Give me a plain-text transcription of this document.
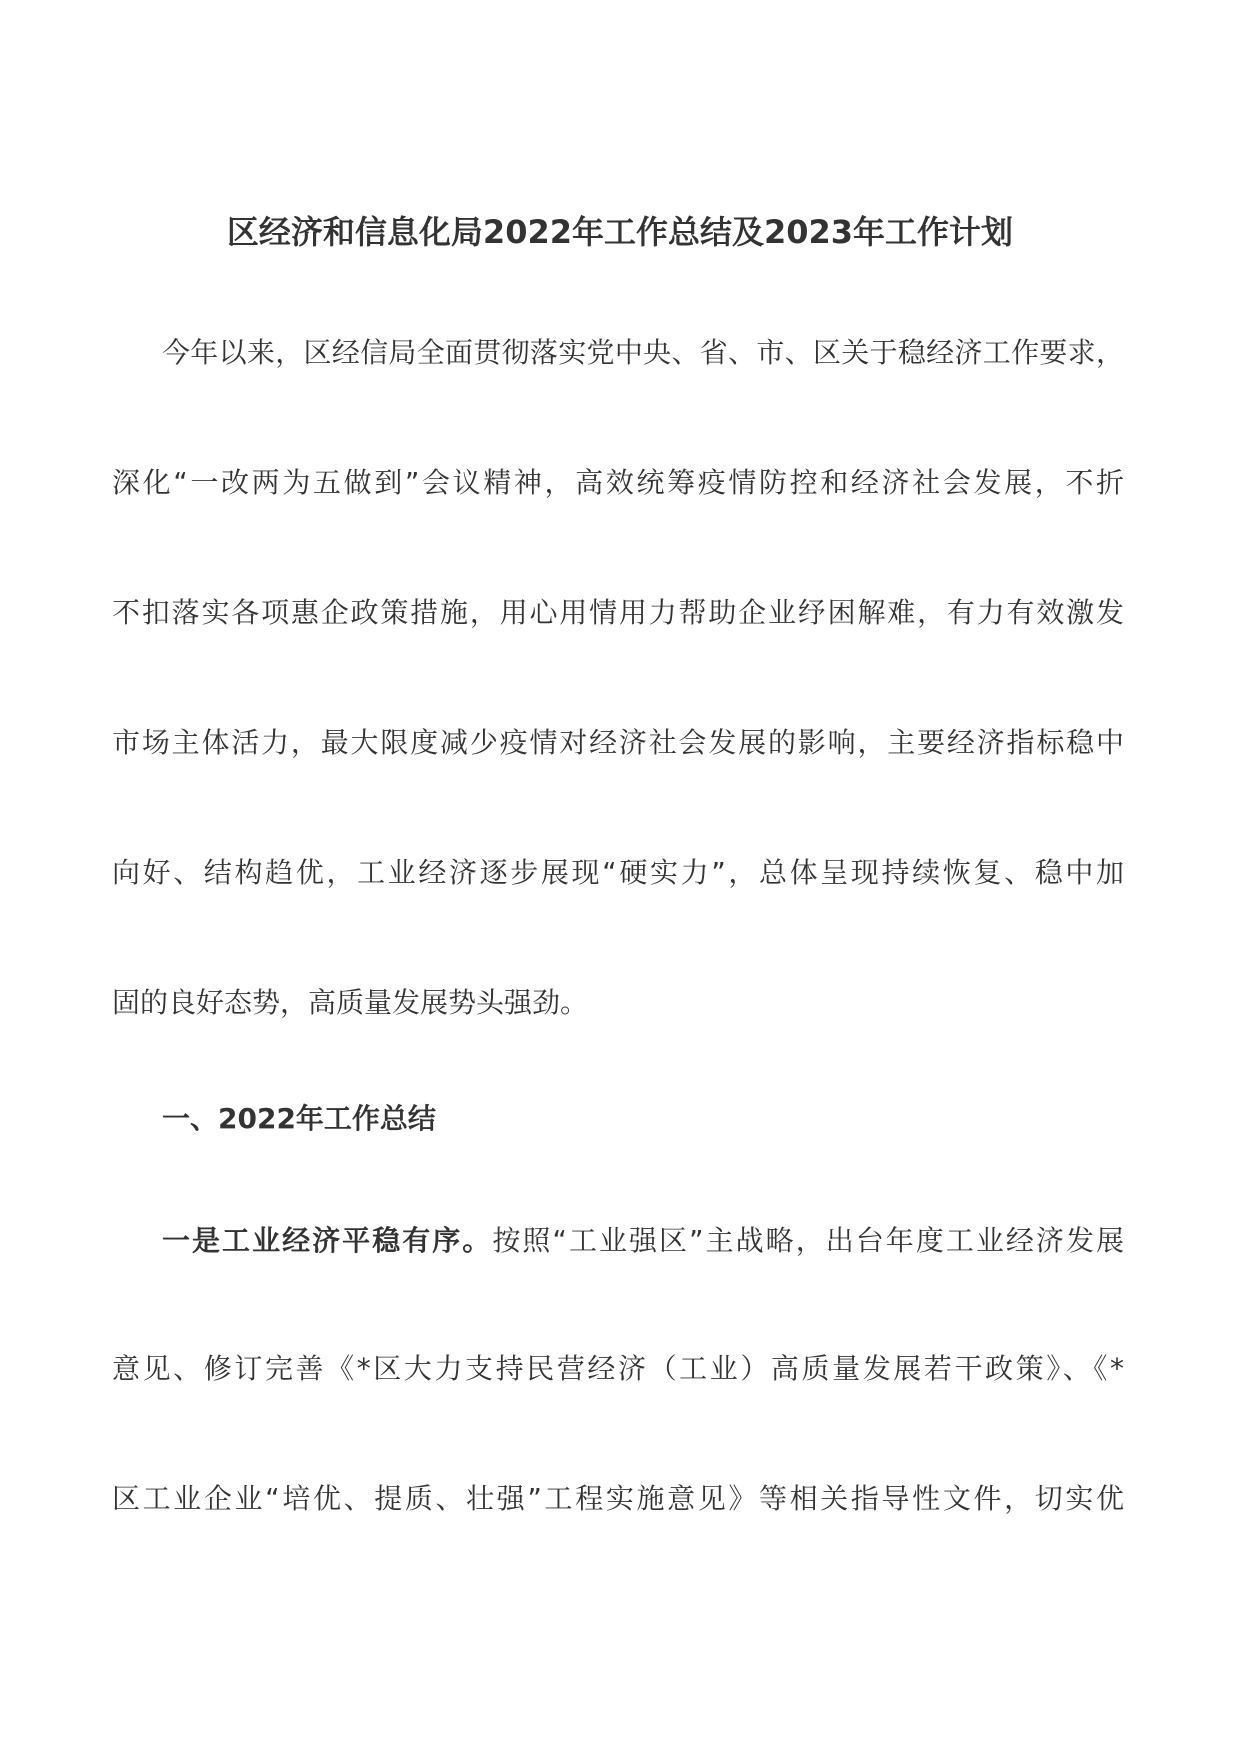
区经济和信息化局2022年工作总结及2023年工作计划
今年以来，区经信局全面贯彻落实党中央、省、市、区关于稳经济工作要求，
深化“一改两为五做到”会议精神，高效统筹疫情防控和经济社会发展，不折
不扣落实各项惠企政策措施，用心用情用力帮助企业纾困解难，有力有效激发
市场主体活力，最大限度减少疫情对经济社会发展的影响，主要经济指标稳中
向好、结构趋优，工业经济逐步展现“硬实力”，总体呈现持续恢复、稳中加
固的良好态势，高质量发展势头强劲。
一、2022年工作总结
一是工业经济平稳有序。按照“工业强区”主战略，出台年度工业经济发展
意见、修订完善《*区大力支持民营经济（工业）高质量发展若干政策》、《*
区工业企业“培优、提质、壮强”工程实施意见》等相关指导性文件，切实优
